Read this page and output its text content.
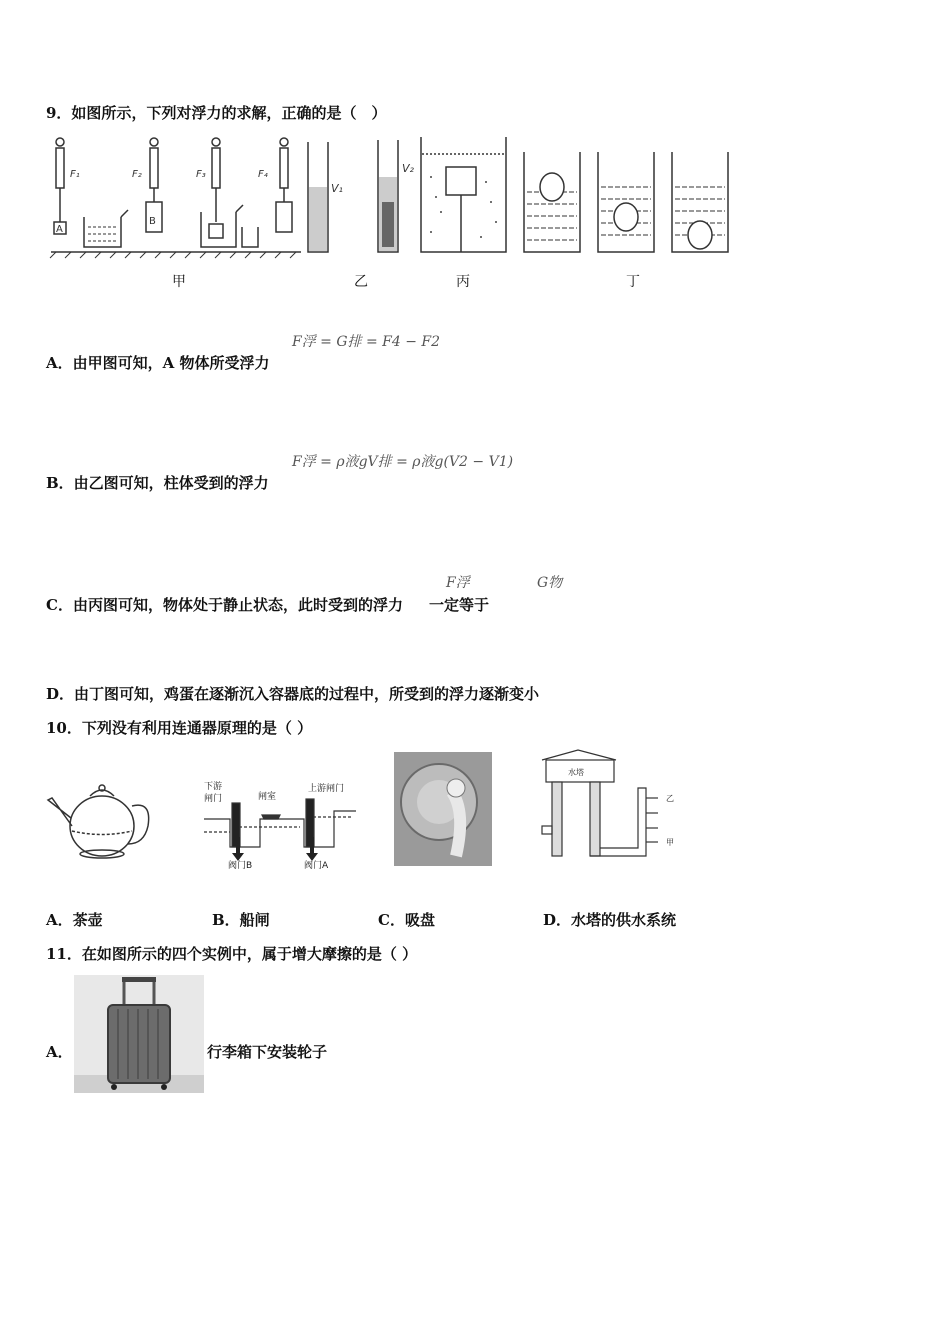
9．如图所示，下列对浮力的求解，正确的是（　）
F₁	F₂	F₃	F₄
A
B
V₁
V₂
甲	乙	丙	丁
F浮 = G排 = F4 − F2
A．由甲图可知，A 物体所受浮力
F浮 = ρ液gV排 = ρ液g(V2 − V1)
B．由乙图可知，柱体受到的浮力
F浮	G物
C．由丙图可知，物体处于静止状态，此时受到的浮力 一定等于
D．由丁图可知，鸡蛋在逐渐沉入容器底的过程中，所受到的浮力逐渐变小
10．下列没有利用连通器原理的是（ ）
下游
闸门	闸室
上游闸门
阀门B	阀门A
水塔
乙
甲
A．茶壶	B．船闸	C．吸盘	D．水塔的供水系统
11．在如图所示的四个实例中，属于增大摩擦的是（ ）
A．	行李箱下安装轮子
